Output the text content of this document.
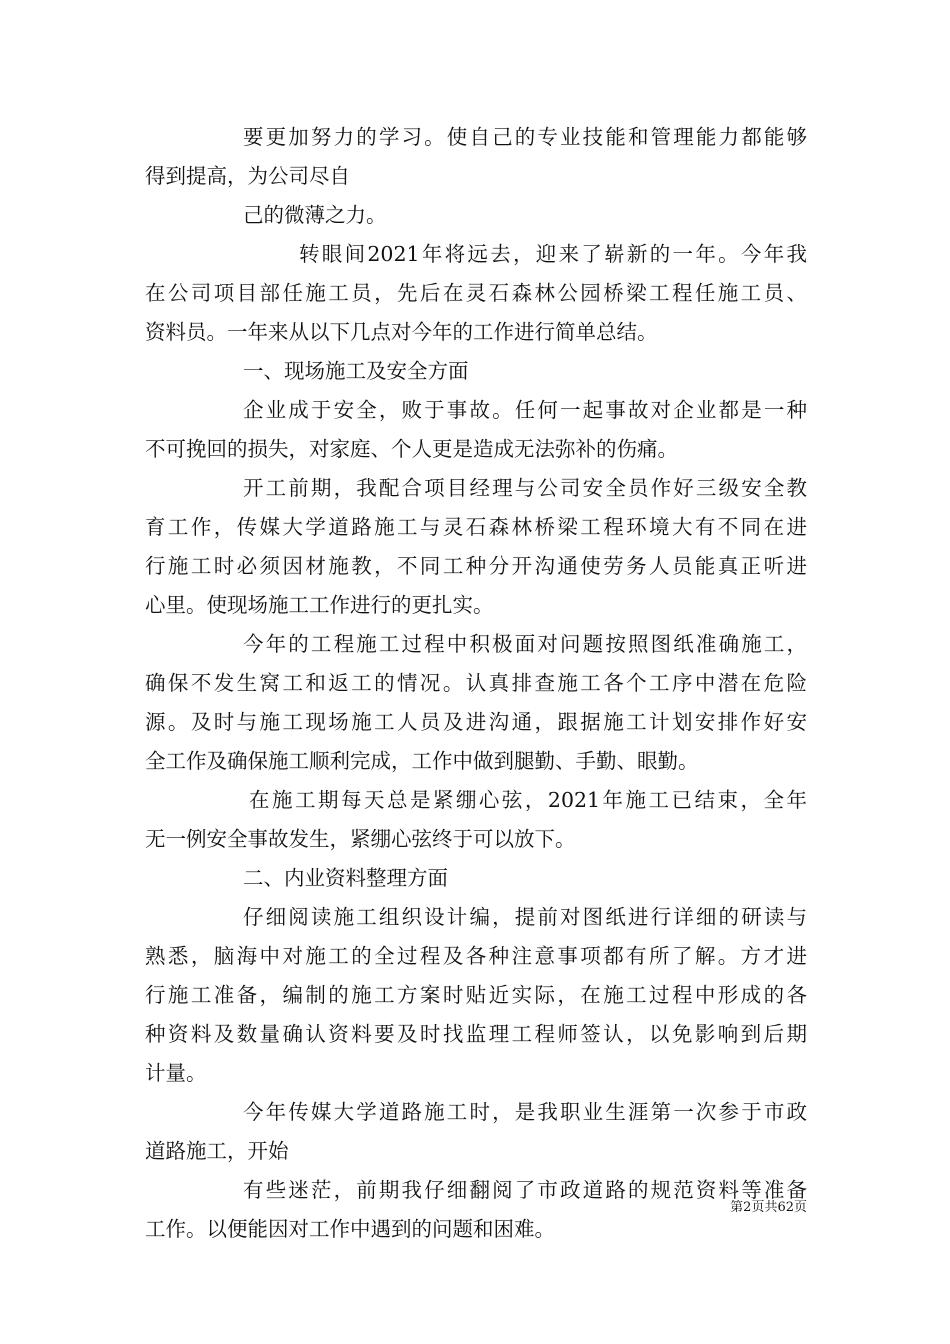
要更加努力的学习。使自己的专业技能和管理能力都能够
得到提高，为公司尽自
己的微薄之力。
转眼间2021年将远去，迎来了崭新的一年。今年我
在公司项目部任施工员，先后在灵石森林公园桥梁工程任施工员、
资料员。一年来从以下几点对今年的工作进行简单总结。
一、现场施工及安全方面
企业成于安全，败于事故。任何一起事故对企业都是一种
不可挽回的损失，对家庭、个人更是造成无法弥补的伤痛。
开工前期，我配合项目经理与公司安全员作好三级安全教
育工作，传媒大学道路施工与灵石森林桥梁工程环境大有不同在进
行施工时必须因材施教，不同工种分开沟通使劳务人员能真正听进
心里。使现场施工工作进行的更扎实。
今年的工程施工过程中积极面对问题按照图纸准确施工，
确保不发生窝工和返工的情况。认真排查施工各个工序中潜在危险
源。及时与施工现场施工人员及进沟通，跟据施工计划安排作好安
全工作及确保施工顺利完成，工作中做到腿勤、手勤、眼勤。
在施工期每天总是紧绷心弦，2021年施工已结束，全年
无一例安全事故发生，紧绷心弦终于可以放下。
二、内业资料整理方面
仔细阅读施工组织设计编，提前对图纸进行详细的研读与
熟悉，脑海中对施工的全过程及各种注意事项都有所了解。方才进
行施工准备，编制的施工方案时贴近实际，在施工过程中形成的各
种资料及数量确认资料要及时找监理工程师签认，以免影响到后期
计量。
今年传媒大学道路施工时，是我职业生涯第一次参于市政
道路施工，开始
有些迷茫，前期我仔细翻阅了市政道路的规范资料等准备
工作。以便能因对工作中遇到的问题和困难。
第2页共62页
